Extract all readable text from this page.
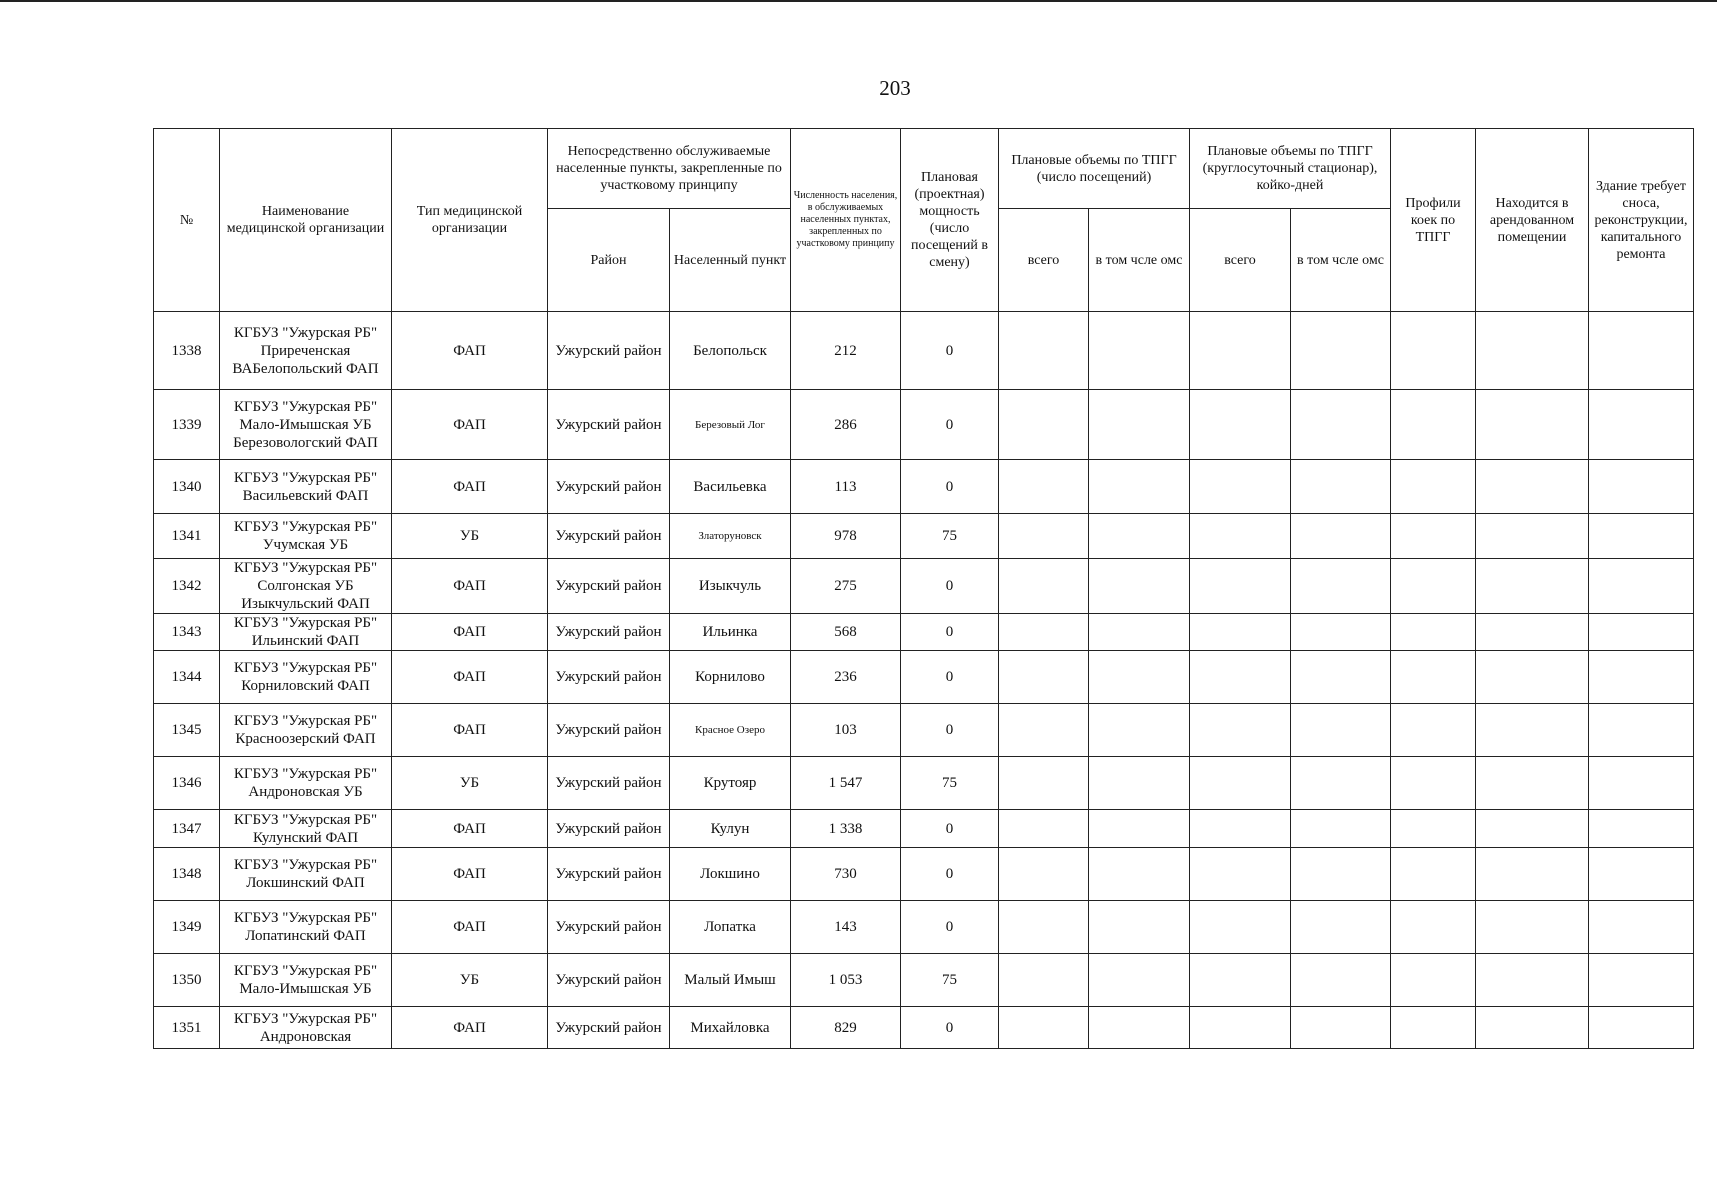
203
№	Наименование медицинской организации	Тип медицинской организации	Непосредственно обслуживаемые населенные пункты, закрепленные по участковому принципу		Численность населения, в обслуживаемых населенных пунктах, закрепленных по участковому принципу	Плановая (проектная) мощность (число посещений в смену)	Плановые объемы по ТПГГ (число посещений)		Плановые объемы по ТПГГ (круглосуточный стационар), койко-дней		Профили коек по ТПГГ	Находится в арендованном помещении	Здание требует сноса, реконструкции, капитального ремонта
			Район	Населенный пункт			всего	в том чсле омс	всего	в том чсле омс			
1338	КГБУЗ "Ужурская РБ" Приреченская ВАБелопольский ФАП	ФАП	Ужурский район	Белопольск	212	0							
1339	КГБУЗ "Ужурская РБ" Мало-Имышская УБ Березовологский ФАП	ФАП	Ужурский район	Березовый Лог	286	0							
1340	КГБУЗ "Ужурская РБ" Васильевский ФАП	ФАП	Ужурский район	Васильевка	113	0							
1341	КГБУЗ "Ужурская РБ" Учумская УБ	УБ	Ужурский район	Златоруновск	978	75							
1342	КГБУЗ "Ужурская РБ" Солгонская УБ Изыкчульский ФАП	ФАП	Ужурский район	Изыкчуль	275	0							
1343	КГБУЗ "Ужурская РБ" Ильинский ФАП	ФАП	Ужурский район	Ильинка	568	0							
1344	КГБУЗ "Ужурская РБ" Корниловский ФАП	ФАП	Ужурский район	Корнилово	236	0							
1345	КГБУЗ "Ужурская РБ" Красноозерский ФАП	ФАП	Ужурский район	Красное Озеро	103	0							
1346	КГБУЗ "Ужурская РБ" Андроновская УБ	УБ	Ужурский район	Крутояр	1 547	75							
1347	КГБУЗ "Ужурская РБ" Кулунский ФАП	ФАП	Ужурский район	Кулун	1 338	0							
1348	КГБУЗ "Ужурская РБ" Локшинский ФАП	ФАП	Ужурский район	Локшино	730	0							
1349	КГБУЗ "Ужурская РБ" Лопатинский ФАП	ФАП	Ужурский район	Лопатка	143	0							
1350	КГБУЗ "Ужурская РБ" Мало-Имышская УБ	УБ	Ужурский район	Малый Имыш	1 053	75							
1351	КГБУЗ "Ужурская РБ" Андроновская	ФАП	Ужурский район	Михайловка	829	0							
